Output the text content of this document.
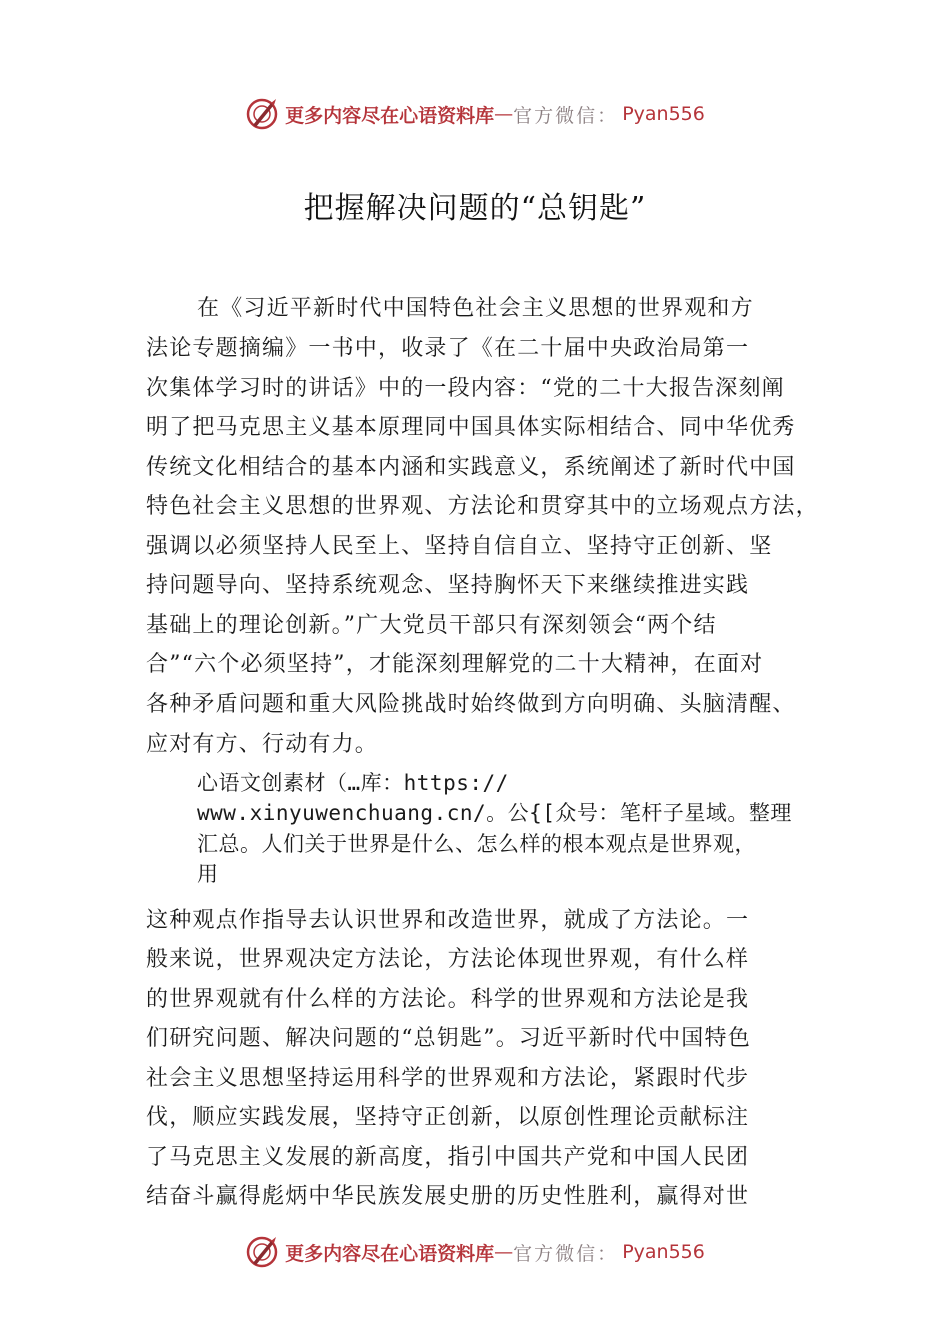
更多内容尽在心语资料库 — 官方微信： Pyan556
把握解决问题的“总钥匙”
在《习近平新时代中国特色社会主义思想的世界观和方
法论专题摘编》一书中，收录了《在二十届中央政治局第一
次集体学习时的讲话》中的一段内容：“党的二十大报告深刻阐
明了把马克思主义基本原理同中国具体实际相结合、同中华优秀
传统文化相结合的基本内涵和实践意义，系统阐述了新时代中国
特色社会主义思想的世界观、方法论和贯穿其中的立场观点方法，
强调以必须坚持人民至上、坚持自信自立、坚持守正创新、坚
持问题导向、坚持系统观念、坚持胸怀天下来继续推进实践
基础上的理论创新。”广大党员干部只有深刻领会“两个结
合”“六个必须坚持”，才能深刻理解党的二十大精神，在面对
各种矛盾问题和重大风险挑战时始终做到方向明确、头脑清醒、
应对有方、行动有力。
心语文创素材（…库：https://
www.xinyuwenchuang.cn/。公{[众号：笔杆子星域。整理
汇总。人们关于世界是什么、怎么样的根本观点是世界观，
用
这种观点作指导去认识世界和改造世界，就成了方法论。一
般来说，世界观决定方法论，方法论体现世界观，有什么样
的世界观就有什么样的方法论。科学的世界观和方法论是我
们研究问题、解决问题的“总钥匙”。习近平新时代中国特色
社会主义思想坚持运用科学的世界观和方法论，紧跟时代步
伐，顺应实践发展，坚持守正创新，以原创性理论贡献标注
了马克思主义发展的新高度，指引中国共产党和中国人民团
结奋斗赢得彪炳中华民族发展史册的历史性胜利，赢得对世
更多内容尽在心语资料库 — 官方微信： Pyan556
